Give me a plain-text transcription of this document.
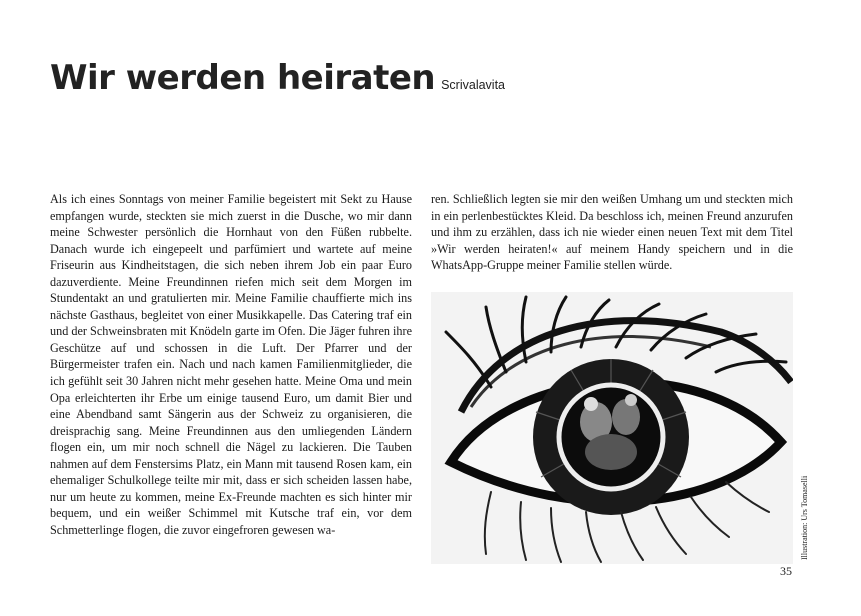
Wir werden heiraten Scrivalavita

Als ich eines Sonntags von meiner Familie begeistert mit Sekt zu Hause empfangen wurde, steckten sie mich zuerst in die Dusche, wo mir dann meine Schwester persönlich die Hornhaut von den Füßen rubbelte. Danach wurde ich eingepeelt und parfümiert und wartete auf meine Friseurin aus Kindheitstagen, die sich neben ihrem Job ein paar Euro dazuverdiente. Meine Freundinnen riefen mich seit dem Morgen im Stundentakt an und gratulierten mir. Meine Familie chauffierte mich ins nächste Gasthaus, begleitet von einer Musikkapelle. Das Catering traf ein und der Schweinsbraten mit Knödeln garte im Ofen. Die Jäger fuhren ihre Geschütze auf und schossen in die Luft. Der Pfarrer und der Bürgermeister trafen ein. Nach und nach kamen Familienmitglieder, die ich gefühlt seit 30 Jahren nicht mehr gesehen hatte. Meine Oma und mein Opa erleichterten ihr Erbe um einige tausend Euro, um damit Bier und eine Abendband samt Sängerin aus der Schweiz zu organisieren, die dreisprachig sang. Meine Freundinnen aus den umliegenden Ländern flogen ein, um mir noch schnell die Nägel zu lackieren. Die Tauben nahmen auf dem Fenstersims Platz, ein Mann mit tausend Rosen kam, ein ehemaliger Schulkollege teilte mir mit, dass er sich scheiden lassen habe, nur um heute zu kommen, meine Ex-Freunde machten es sich hinter mir bequem, und ein weißer Schimmel mit Kutsche traf ein, vor dem Schmetterlinge flogen, die zuvor eingefroren gewesen wa-

ren. Schließlich legten sie mir den weißen Umhang um und steckten mich in ein perlenbestücktes Kleid. Da beschloss ich, meinen Freund anzurufen und ihm zu erzählen, dass ich nie wieder einen neuen Text mit dem Titel »Wir werden heiraten!« auf meinem Handy speichern und in die WhatsApp-Gruppe meiner Familie stellen würde.

Illustration: Urs Tomaselli
35
